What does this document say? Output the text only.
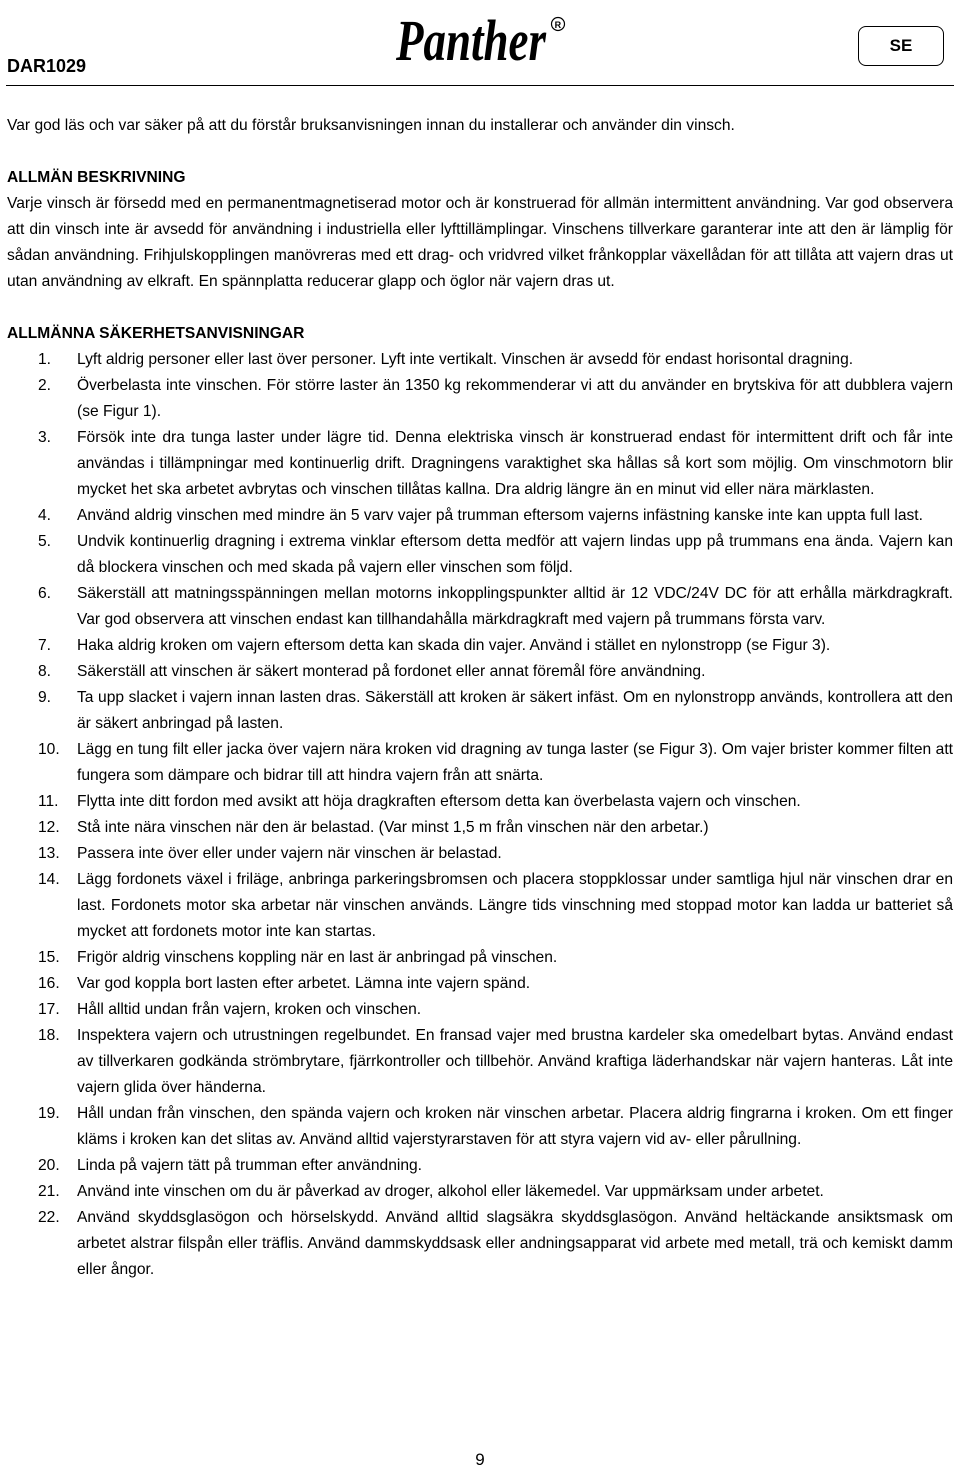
DAR1029	Panther R
SE

Var god läs och var säker på att du förstår bruksanvisningen innan du installerar och använder din vinsch.

ALLMÄN BESKRIVNING

Varje vinsch är försedd med en permanentmagnetiserad motor och är konstruerad för allmän intermittent användning. Var god observera att din vinsch inte är avsedd för användning i industriella eller lyfttillämplingar. Vinschens tillverkare garanterar inte att den är lämplig för sådan användning. Frihjulskopplingen manövreras med ett drag- och vridvred vilket frånkopplar växellådan för att tillåta att vajern dras ut utan användning av elkraft. En spännplatta reducerar glapp och öglor när vajern dras ut.

ALLMÄNNA SÄKERHETSANVISNINGAR

1. Lyft aldrig personer eller last över personer. Lyft inte vertikalt. Vinschen är avsedd för endast horisontal dragning.
2. Överbelasta inte vinschen. För större laster än 1350 kg rekommenderar vi att du använder en brytskiva för att dubblera vajern (se Figur 1).
3. Försök inte dra tunga laster under lägre tid. Denna elektriska vinsch är konstruerad endast för intermittent drift och får inte användas i tillämpningar med kontinuerlig drift. Dragningens varaktighet ska hållas så kort som möjlig. Om vinschmotorn blir mycket het ska arbetet avbrytas och vinschen tillåtas kallna. Dra aldrig längre än en minut vid eller nära märklasten.
4. Använd aldrig vinschen med mindre än 5 varv vajer på trumman eftersom vajerns infästning kanske inte kan uppta full last.
5. Undvik kontinuerlig dragning i extrema vinklar eftersom detta medför att vajern lindas upp på trummans ena ända. Vajern kan då blockera vinschen och med skada på vajern eller vinschen som följd.
6. Säkerställ att matningsspänningen mellan motorns inkopplingspunkter alltid är 12 VDC/24V DC för att erhålla märkdragkraft. Var god observera att vinschen endast kan tillhandahålla märkdragkraft med vajern på trummans första varv.
7. Haka aldrig kroken om vajern eftersom detta kan skada din vajer. Använd i stället en nylonstropp (se Figur 3).
8. Säkerställ att vinschen är säkert monterad på fordonet eller annat föremål före användning.
9. Ta upp slacket i vajern innan lasten dras. Säkerställ att kroken är säkert infäst. Om en nylonstropp används, kontrollera att den är säkert anbringad på lasten.
10. Lägg en tung filt eller jacka över vajern nära kroken vid dragning av tunga laster (se Figur 3). Om vajer brister kommer filten att fungera som dämpare och bidrar till att hindra vajern från att snärta.
11. Flytta inte ditt fordon med avsikt att höja dragkraften eftersom detta kan överbelasta vajern och vinschen.
12. Stå inte nära vinschen när den är belastad. (Var minst 1,5 m från vinschen när den arbetar.)
13. Passera inte över eller under vajern när vinschen är belastad.
14. Lägg fordonets växel i friläge, anbringa parkeringsbromsen och placera stoppklossar under samtliga hjul när vinschen drar en last. Fordonets motor ska arbetar när vinschen används. Längre tids vinschning med stoppad motor kan ladda ur batteriet så mycket att fordonets motor inte kan startas.
15. Frigör aldrig vinschens koppling när en last är anbringad på vinschen.
16. Var god koppla bort lasten efter arbetet. Lämna inte vajern spänd.
17. Håll alltid undan från vajern, kroken och vinschen.
18. Inspektera vajern och utrustningen regelbundet. En fransad vajer med brustna kardeler ska omedelbart bytas. Använd endast av tillverkaren godkända strömbrytare, fjärrkontroller och tillbehör. Använd kraftiga läderhandskar när vajern hanteras. Låt inte vajern glida över händerna.
19. Håll undan från vinschen, den spända vajern och kroken när vinschen arbetar. Placera aldrig fingrarna i kroken. Om ett finger kläms i kroken kan det slitas av. Använd alltid vajerstyrarstaven för att styra vajern vid av- eller pårullning.
20. Linda på vajern tätt på trumman efter användning.
21. Använd inte vinschen om du är påverkad av droger, alkohol eller läkemedel. Var uppmärksam under arbetet.
22. Använd skyddsglasögon och hörselskydd. Använd alltid slagsäkra skyddsglasögon. Använd heltäckande ansiktsmask om arbetet alstrar filspån eller träflis. Använd dammskyddsask eller andningsapparat vid arbete med metall, trä och kemiskt damm eller ångor.
9
